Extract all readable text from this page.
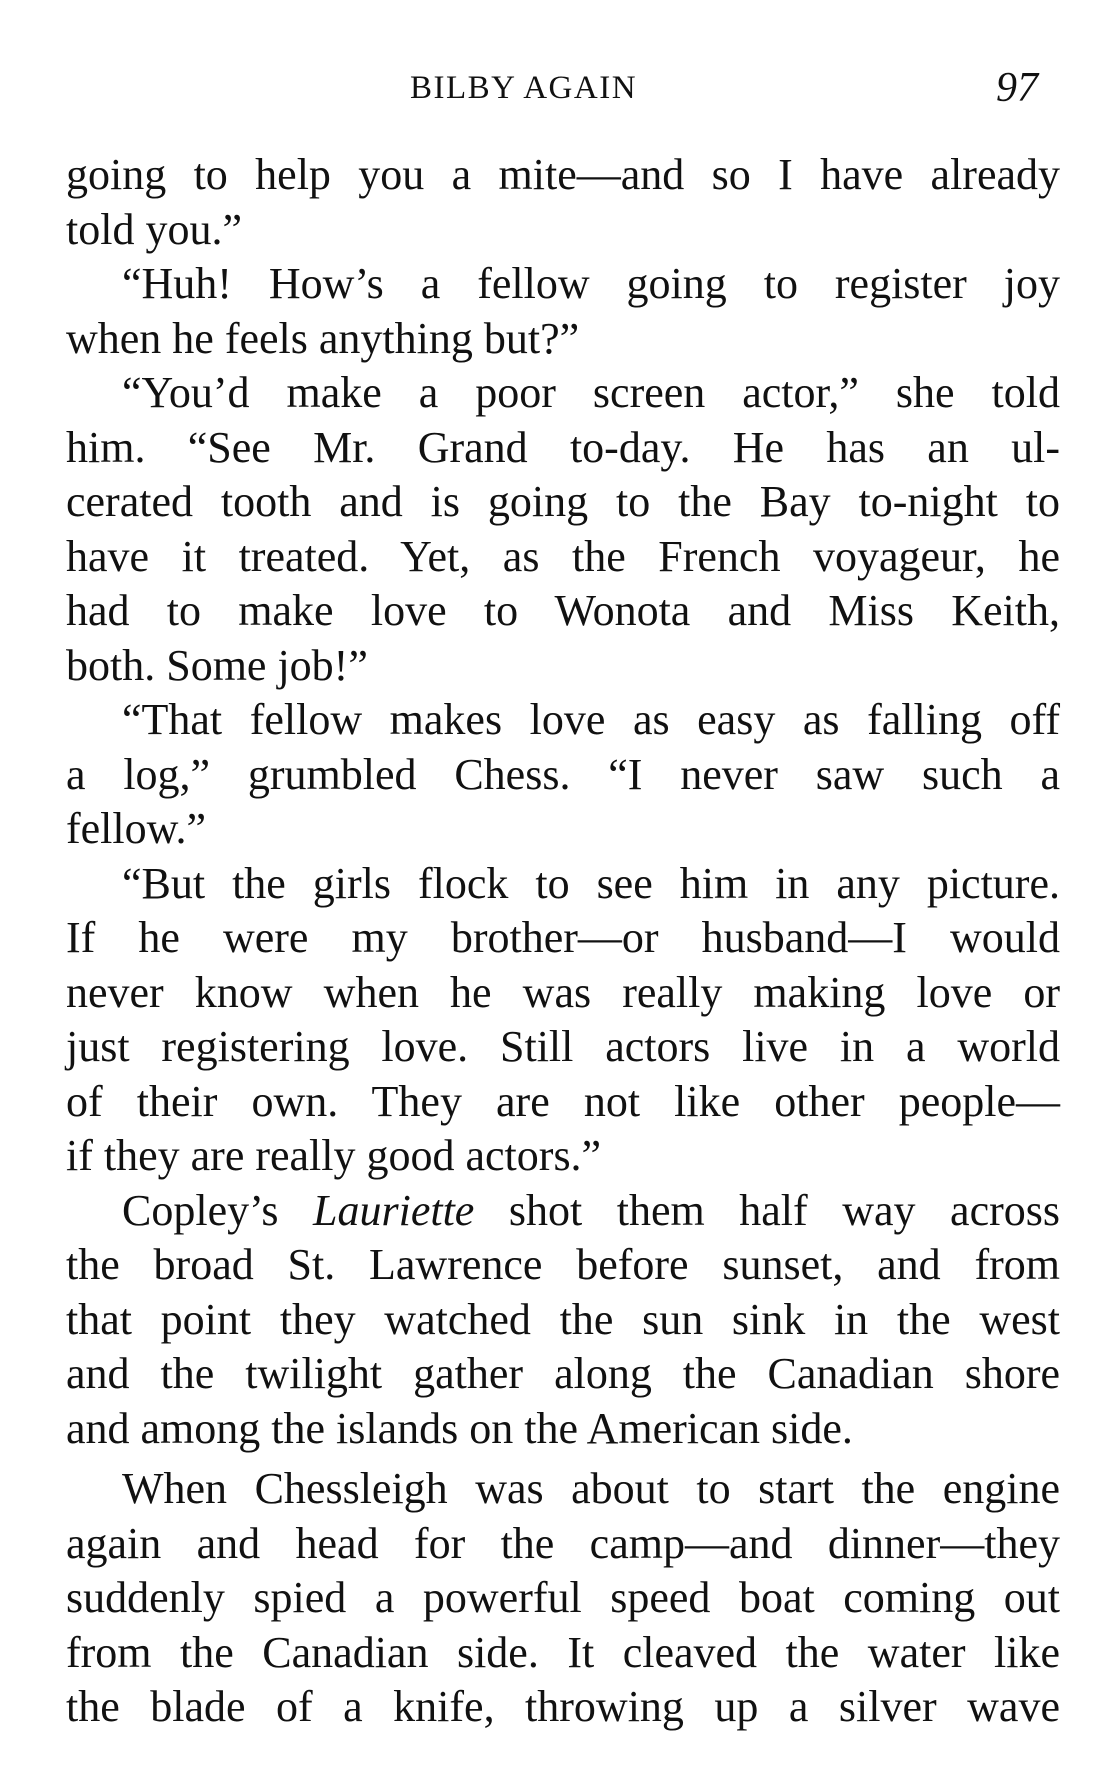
BILBY AGAIN	97
going to help you a mite—and so I have already
told you.”
“Huh! How’s a fellow going to register joy
when he feels anything but?”
“You’d make a poor screen actor,” she told
him. “See Mr. Grand to-day. He has an ul-
cerated tooth and is going to the Bay to-night to
have it treated. Yet, as the French voyageur, he
had to make love to Wonota and Miss Keith,
both. Some job!”
“That fellow makes love as easy as falling off
a log,” grumbled Chess. “I never saw such a
fellow.”
“But the girls flock to see him in any picture.
If he were my brother—or husband—I would
never know when he was really making love or
just registering love. Still actors live in a world
of their own. They are not like other people—
if they are really good actors.”
Copley’s Lauriette shot them half way across
the broad St. Lawrence before sunset, and from
that point they watched the sun sink in the west
and the twilight gather along the Canadian shore
and among the islands on the American side.
When Chessleigh was about to start the engine
again and head for the camp—and dinner—they
suddenly spied a powerful speed boat coming out
from the Canadian side. It cleaved the water like
the blade of a knife, throwing up a silver wave
